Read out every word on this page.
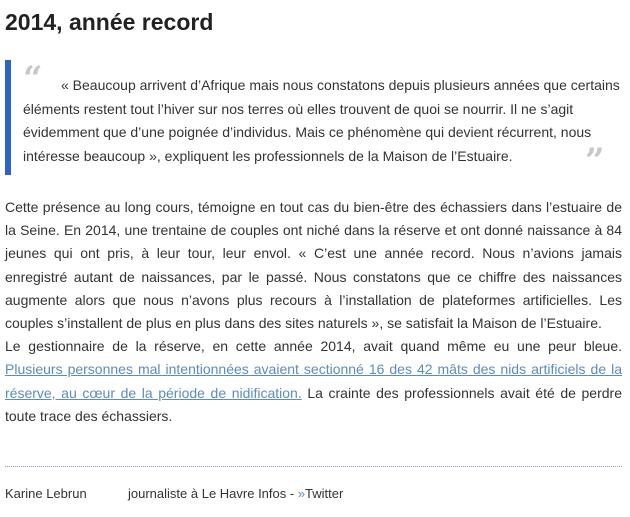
2014, année record
“	« Beaucoup arrivent d’Afrique mais nous constatons depuis plusieurs années que certains éléments restent tout l’hiver sur nos terres où elles trouvent de quoi se nourrir. Il ne s’agit évidemment que d’une poignée d’individus. Mais ce phénomène qui devient récurrent, nous intéresse beaucoup », expliquent les professionnels de la Maison de l’Estuaire.	”

Cette présence au long cours, témoigne en tout cas du bien-être des échassiers dans l’estuaire de la Seine. En 2014, une trentaine de couples ont niché dans la réserve et ont donné naissance à 84 jeunes qui ont pris, à leur tour, leur envol. « C’est une année record. Nous n’avions jamais enregistré autant de naissances, par le passé. Nous constatons que ce chiffre des naissances augmente alors que nous n’avons plus recours à l’installation de plateformes artificielles. Les couples s’installent de plus en plus dans des sites naturels », se satisfait la Maison de l’Estuaire.

Le gestionnaire de la réserve, en cette année 2014, avait quand même eu une peur bleue. Plusieurs personnes mal intentionnées avaient sectionné 16 des 42 mâts des nids artificiels de la réserve, au cœur de la période de nidification. La crainte des professionnels avait été de perdre toute trace des échassiers.

Karine Lebrun	journaliste à Le Havre Infos - »Twitter
